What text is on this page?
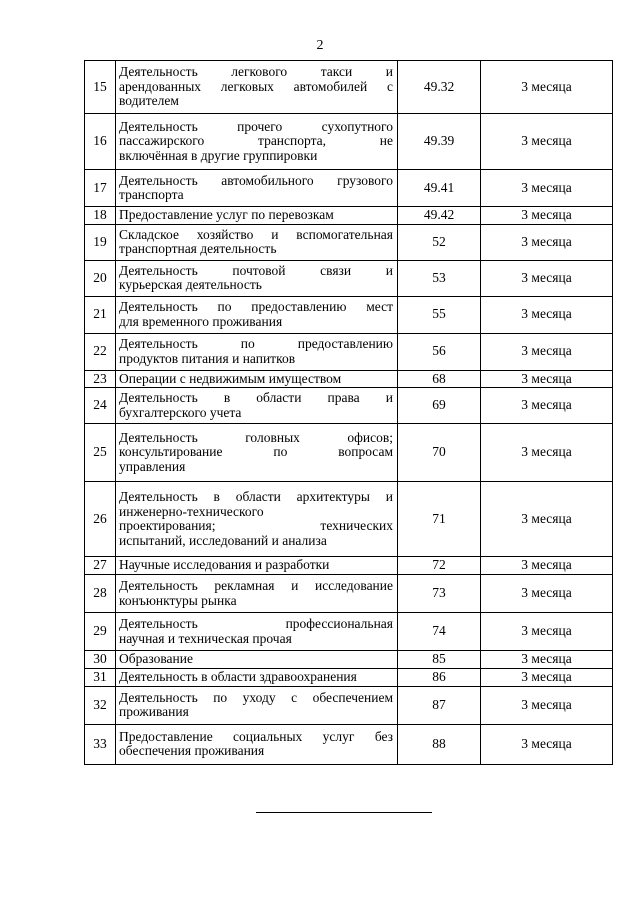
2
15	Деятельность легкового такси и
арендованных легковых автомобилей с
водителем	49.32	3 месяца
16	Деятельность прочего сухопутного
пассажирского транспорта, не
включённая в другие группировки	49.39	3 месяца
17	Деятельность автомобильного грузового
транспорта	49.41	3 месяца
18	Предоставление услуг по перевозкам	49.42	3 месяца
19	Складское хозяйство и вспомогательная
транспортная деятельность	52	3 месяца
20	Деятельность почтовой связи и
курьерская деятельность	53	3 месяца
21	Деятельность по предоставлению мест
для временного проживания	55	3 месяца
22	Деятельность по предоставлению
продуктов питания и напитков	56	3 месяца
23	Операции с недвижимым имуществом	68	3 месяца
24	Деятельность в области права и
бухгалтерского учета	69	3 месяца
25	Деятельность головных офисов;
консультирование по вопросам
управления	70	3 месяца
26	Деятельность в области архитектуры и
инженерно-технического
проектирования; технических
испытаний, исследований и анализа	71	3 месяца
27	Научные исследования и разработки	72	3 месяца
28	Деятельность рекламная и исследование
конъюнктуры рынка	73	3 месяца
29	Деятельность профессиональная
научная и техническая прочая	74	3 месяца
30	Образование	85	3 месяца
31	Деятельность в области здравоохранения	86	3 месяца
32	Деятельность по уходу с обеспечением
проживания	87	3 месяца
33	Предоставление социальных услуг без
обеспечения проживания	88	3 месяца
